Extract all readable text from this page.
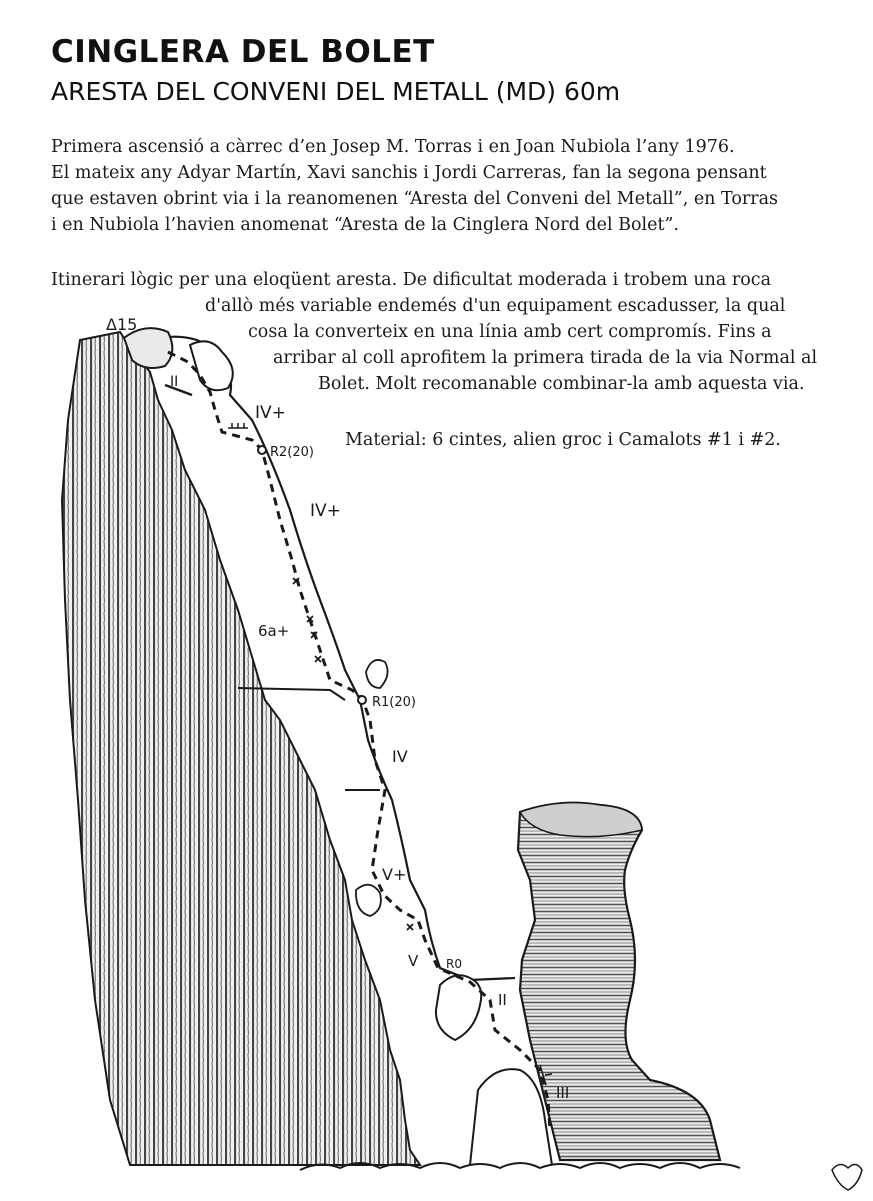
CINGLERA DEL BOLET
ARESTA DEL CONVENI DEL METALL (MD) 60m
Primera ascensió a càrrec d’en Josep M. Torras i en Joan Nubiola l’any 1976.
El mateix any Adyar Martín, Xavi sanchis i Jordi Carreras, fan la segona pensant
que estaven obrint via i la reanomenen “Aresta del Conveni del Metall”, en Torras
i en Nubiola l’havien anomenat “Aresta de la Cinglera Nord del Bolet”.
Itinerari lògic per una eloqüent aresta. De dificultat moderada i trobem una roca
d'allò més variable endemés d'un equipament escadusser, la qual
cosa la converteix en una línia amb cert compromís. Fins a
arribar al coll aprofitem la primera tirada de la via Normal al
Bolet. Molt recomanable combinar-la amb aquesta via.
Material: 6 cintes, alien groc i Camalots #1 i #2.
Δ15
II
IV+
R2(20)
IV+
6a+
R1(20)
IV
V+
V R0
II
III
